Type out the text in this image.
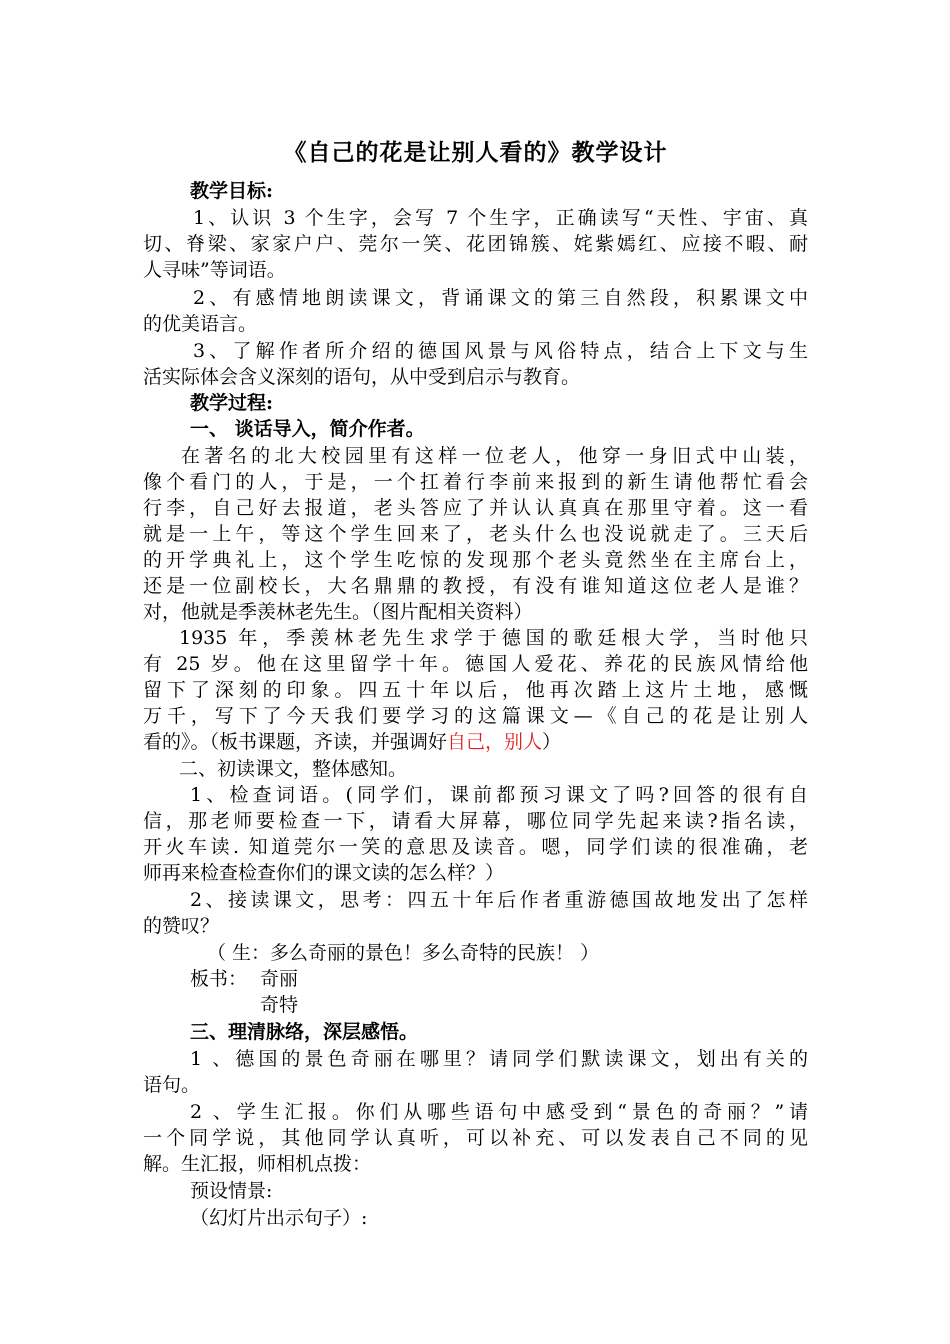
《自己的花是让别人看的》教学设计
教学目标:
1、认识 3 个生字，会写 7 个生字，正确读写“天性、宇宙、真
切、脊梁、家家户户、莞尔一笑、花团锦簇、姹紫嫣红、应接不暇、耐
人寻味”等词语。
2、有感情地朗读课文，背诵课文的第三自然段，积累课文中
的优美语言。
3、了解作者所介绍的德国风景与风俗特点，结合上下文与生
活实际体会含义深刻的语句，从中受到启示与教育。
教学过程:
一、 谈话导入，简介作者。
在著名的北大校园里有这样一位老人，他穿一身旧式中山装，
像个看门的人，于是，一个扛着行李前来报到的新生请他帮忙看会
行李，自己好去报道，老头答应了并认认真真在那里守着。这一看
就是一上午，等这个学生回来了，老头什么也没说就走了。三天后
的开学典礼上，这个学生吃惊的发现那个老头竟然坐在主席台上，
还是一位副校长，大名鼎鼎的教授，有没有谁知道这位老人是谁？
对，他就是季羡林老先生。（图片配相关资料）
1935 年，季羡林老先生求学于德国的歌廷根大学，当时他只
有 25 岁。他在这里留学十年。德国人爱花、养花的民族风情给他
留下了深刻的印象。四五十年以后，他再次踏上这片土地，感慨
万千，写下了今天我们要学习的这篇课文—《自己的花是让别人
看的》。（板书课题，齐读，并强调好自己，别人）
二、初读课文，整体感知。
1、检查词语。(同学们，课前都预习课文了吗?回答的很有自
信，那老师要检查一下，请看大屏幕，哪位同学先起来读?指名读，
开火车读. 知道莞尔一笑的意思及读音。嗯，同学们读的很准确，老
师再来检查检查你们的课文读的怎么样？）
2、接读课文，思考：四五十年后作者重游德国故地发出了怎样
的赞叹？
（ 生：多么奇丽的景色！多么奇特的民族！ ）
板书： 奇丽
奇特
三、理清脉络，深层感悟。
1 、德国的景色奇丽在哪里？请同学们默读课文，划出有关的
语句。
2 、学生汇报。你们从哪些语句中感受到“景色的奇丽？”请
一个同学说，其他同学认真听，可以补充、可以发表自己不同的见
解。生汇报，师相机点拨：
预设情景:
（幻灯片出示句子）:
